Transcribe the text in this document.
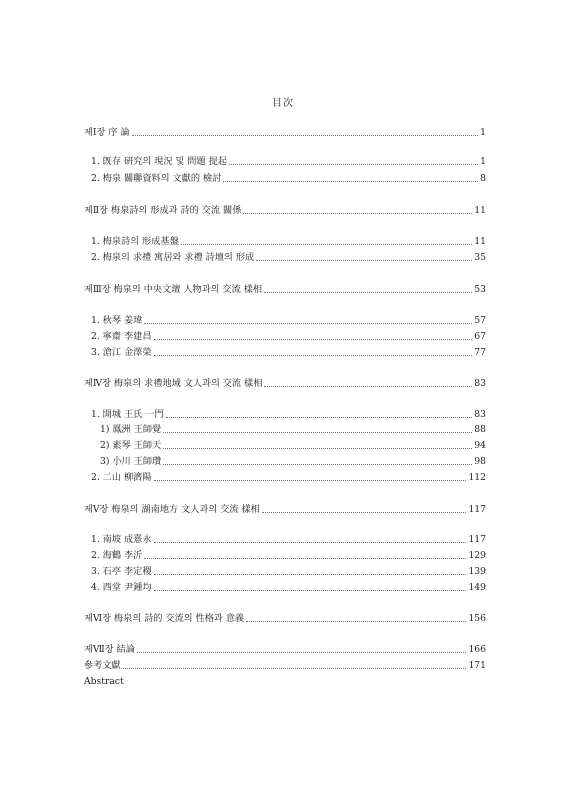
目次
제Ⅰ장 序 論	1
1. 旣存 硏究의 現況 및 問題 提起	1
2. 梅泉 關聯資料의 文獻的 檢討	8
제Ⅱ장 梅泉詩의 形成과 詩的 交流 關係	11
1. 梅泉詩의 形成基盤	11
2. 梅泉의 求禮 寓居와 求禮 詩壇의 形成	35
제Ⅲ장 梅泉의 中央文壇 人物과의 交流 樣相	53
1. 秋琴 姜瑋	57
2. 寧齋 李建昌	67
3. 滄江 金澤榮	77
제Ⅳ장 梅泉의 求禮地域 文人과의 交流 樣相	83
1. 開城 王氏 一門	83
1) 鳳洲 王師覺	88
2) 素琴 王師天	94
3) 小川 王師瓚	98
2. 二山 柳濟陽	112
제Ⅴ장 梅泉의 湖南地方 文人과의 交流 樣相	117
1. 南坡 成憙永	117
2. 海鶴 李沂	129
3. 石亭 李定稷	139
4. 西堂 尹鍾均	149
제Ⅵ장 梅泉의 詩的 交流의 性格과 意義	156
제Ⅶ장 結論	166
參考文獻	171
Abstract
